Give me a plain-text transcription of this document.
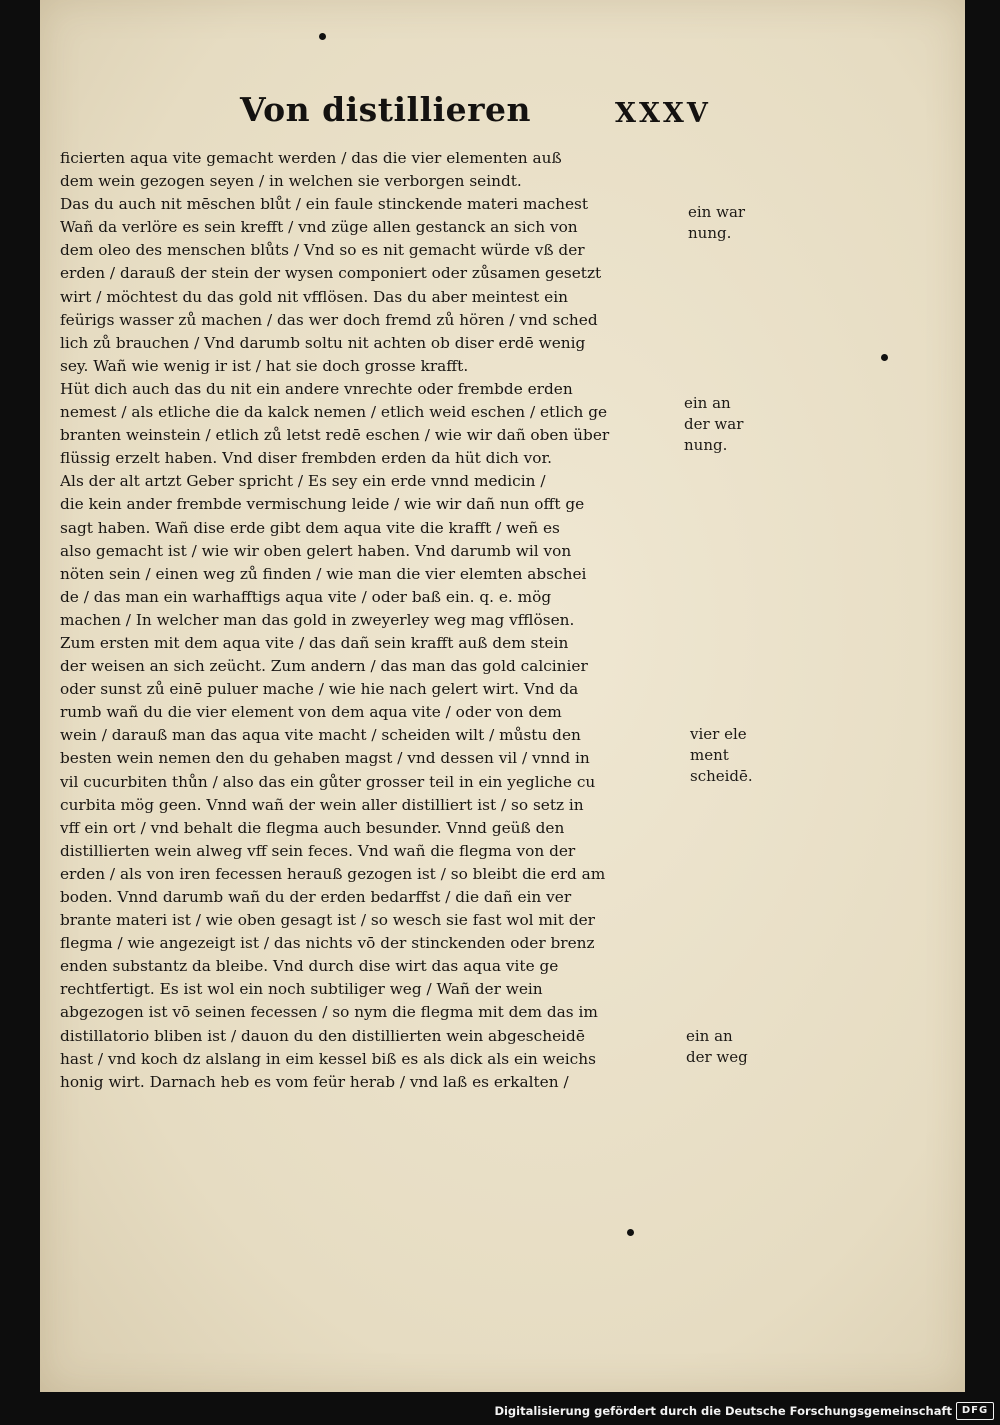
Von distillieren	XXXV
ficierten aqua vite gemacht werden / das die vier elementen auß
dem wein gezogen seyen / in welchen sie verborgen seindt.
Das du auch nit mēschen blůt / ein faule stinckende materi machest
Wañ da verlöre es sein krefft / vnd züge allen gestanck an sich von
dem oleo des menschen blůts / Vnd so es nit gemacht würde vß der
erden / darauß der stein der wysen componiert oder zůsamen gesetzt
wirt / möchtest du das gold nit vfflösen. Das du aber meintest ein
feürigs wasser zů machen / das wer doch fremd zů hören / vnd sched
lich zů brauchen / Vnd darumb soltu nit achten ob diser erdē wenig
sey. Wañ wie wenig ir ist / hat sie doch grosse krafft.
Hüt dich auch das du nit ein andere vnrechte oder frembde erden
nemest / als etliche die da kalck nemen / etlich weid eschen / etlich ge
branten weinstein / etlich zů letst redē eschen / wie wir dañ oben über
flüssig erzelt haben. Vnd diser frembden erden da hüt dich vor.
Als der alt artzt Geber spricht / Es sey ein erde vnnd medicin /
die kein ander frembde vermischung leide / wie wir dañ nun offt ge
sagt haben. Wañ dise erde gibt dem aqua vite die krafft / weñ es
also gemacht ist / wie wir oben gelert haben. Vnd darumb wil von
nöten sein / einen weg zů finden / wie man die vier elemten abschei
de / das man ein warhafftigs aqua vite / oder baß ein. q. e. mög
machen / In welcher man das gold in zweyerley weg mag vfflösen.
Zum ersten mit dem aqua vite / das dañ sein krafft auß dem stein
der weisen an sich zeücht. Zum andern / das man das gold calcinier
oder sunst zů einē puluer mache / wie hie nach gelert wirt. Vnd da
rumb wañ du die vier element von dem aqua vite / oder von dem
wein / darauß man das aqua vite macht / scheiden wilt / můstu den
besten wein nemen den du gehaben magst / vnd dessen vil / vnnd in
vil cucurbiten thůn / also das ein gůter grosser teil in ein yegliche cu
curbita mög geen. Vnnd wañ der wein aller distilliert ist / so setz in
vff ein ort / vnd behalt die flegma auch besunder. Vnnd geüß den
distillierten wein alweg vff sein feces. Vnd wañ die flegma von der
erden / als von iren fecessen herauß gezogen ist / so bleibt die erd am
boden. Vnnd darumb wañ du der erden bedarffst / die dañ ein ver
brante materi ist / wie oben gesagt ist / so wesch sie fast wol mit der
flegma / wie angezeigt ist / das nichts vō der stinckenden oder brenz
enden substantz da bleibe. Vnd durch dise wirt das aqua vite ge
rechtfertigt. Es ist wol ein noch subtiliger weg / Wañ der wein
abgezogen ist vō seinen fecessen / so nym die flegma mit dem das im
distillatorio bliben ist / dauon du den distillierten wein abgescheidē
hast / vnd koch dz alslang in eim kessel biß es als dick als ein weichs
honig wirt. Darnach heb es vom feür herab / vnd laß es erkalten /
ein war
nung.
ein an
der war
nung.
vier ele
ment
scheidē.
ein an
der weg
Digitalisierung gefördert durch die Deutsche Forschungsgemeinschaft DFG
